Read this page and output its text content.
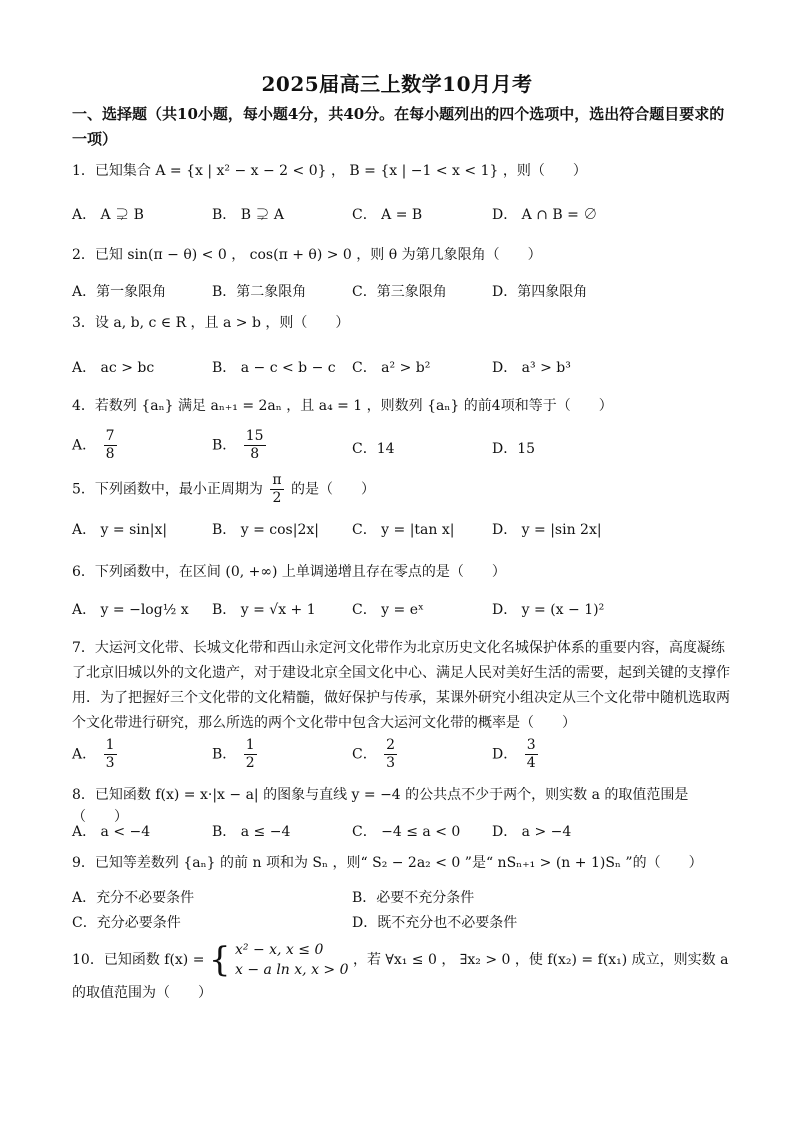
2025届高三上数学10月月考
一、选择题（共10小题，每小题4分，共40分。在每小题列出的四个选项中，选出符合题目要求的一项）
1．已知集合 A = {x | x² − x − 2 < 0} ， B = {x | −1 < x < 1} ，则（　　）
A． A ⊋ B	B． B ⊋ A	C． A = B	D． A ∩ B = ∅
2．已知 sin(π − θ) < 0 ， cos(π + θ) > 0 ，则 θ 为第几象限角（　　）
A．第一象限角	B．第二象限角	C．第三象限角	D．第四象限角
3．设 a, b, c ∈ R ，且 a > b ，则（　　）
A． ac > bc	B． a − c < b − c C． a² > b²	D． a³ > b³
4．若数列 {aₙ} 满足 aₙ₊₁ = 2aₙ ，且 a₄ = 1 ，则数列 {aₙ} 的前4项和等于（　　）
A． $\frac{7}{8}$	B． $\frac{15}{8}$	C．14	D．15
5．下列函数中，最小正周期为 $\frac{\pi}{2}$ 的是（　　）
A． y = sin|x|	B． y = cos|2x| C． y = |tan x|	D． y = |sin 2x|
6．下列函数中，在区间 (0, +∞) 上单调递增且存在零点的是（　　）
A． y = −log½ x B． y = √x + 1	C． y = eˣ	D． y = (x − 1)²
7．大运河文化带、长城文化带和西山永定河文化带作为北京历史文化名城保护体系的重要内容，高度凝练了北京旧城以外的文化遗产，对于建设北京全国文化中心、满足人民对美好生活的需要，起到关键的支撑作用．为了把握好三个文化带的文化精髓，做好保护与传承，某课外研究小组决定从三个文化带中随机选取两个文化带进行研究，那么所选的两个文化带中包含大运河文化带的概率是（　　）
A． $\frac{1}{3}$	B． $\frac{1}{2}$	C． $\frac{2}{3}$	D． $\frac{3}{4}$
8．已知函数 f(x) = x·|x − a| 的图象与直线 y = −4 的公共点不少于两个，则实数 a 的取值范围是（　　）
A． a < −4	B． a ≤ −4	C． −4 ≤ a < 0 D． a > −4
9．已知等差数列 {aₙ} 的前 n 项和为 Sₙ ，则“ S₂ − 2a₂ < 0 ”是“ nSₙ₊₁ > (n + 1)Sₙ ”的（　　）
A．充分不必要条件	B．必要不充分条件
C．充分必要条件	D．既不充分也不必要条件
10．已知函数 f(x) = { x² − x, x ≤ 0
x − a ln x, x > 0
，若 ∀x₁ ≤ 0 ， ∃x₂ > 0 ，使 f(x₂) = f(x₁) 成立，则实数 a 的取值范围为（　　）
